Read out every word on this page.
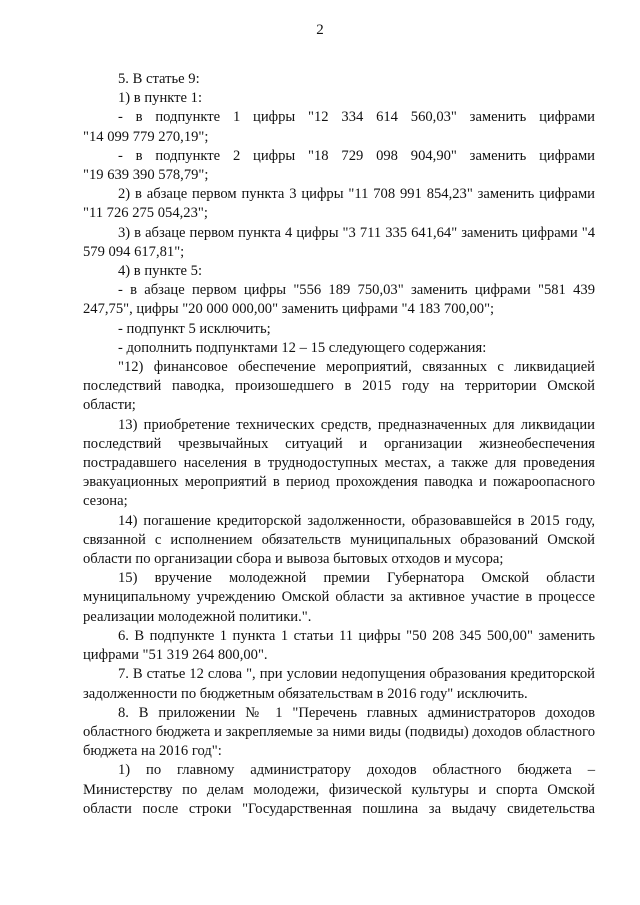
2

5. В статье 9:

1) в пункте 1:

- в подпункте 1 цифры "12 334 614 560,03" заменить цифрами

"14 099 779 270,19";

- в подпункте 2 цифры "18 729 098 904,90" заменить цифрами

"19 639 390 578,79";

2) в абзаце первом пункта 3 цифры "11 708 991 854,23" заменить цифрами "11 726 275 054,23";

3) в абзаце первом пункта 4 цифры "3 711 335 641,64" заменить цифрами "4 579 094 617,81";

4) в пункте 5:

- в абзаце первом цифры "556 189 750,03" заменить цифрами "581 439 247,75", цифры "20 000 000,00" заменить цифрами "4 183 700,00";

- подпункт 5 исключить;

- дополнить подпунктами 12 – 15 следующего содержания:

"12) финансовое обеспечение мероприятий, связанных с ликвидацией последствий паводка, произошедшего в 2015 году на территории Омской области;

13) приобретение технических средств, предназначенных для ликвидации последствий чрезвычайных ситуаций и организации жизнеобеспечения пострадавшего населения в труднодоступных местах, а также для проведения эвакуационных мероприятий в период прохождения паводка и пожароопасного сезона;

14) погашение кредиторской задолженности, образовавшейся в 2015 году, связанной с исполнением обязательств муниципальных образований Омской области по организации сбора и вывоза бытовых отходов и мусора;

15) вручение молодежной премии Губернатора Омской области муниципальному учреждению Омской области за активное участие в процессе реализации молодежной политики.".

6. В подпункте 1 пункта 1 статьи 11 цифры "50 208 345 500,00" заменить цифрами "51 319 264 800,00".

7. В статье 12 слова ", при условии недопущения образования кредиторской задолженности по бюджетным обязательствам в 2016 году" исключить.

8. В приложении № 1 "Перечень главных администраторов доходов областного бюджета и закрепляемые за ними виды (подвиды) доходов областного бюджета на 2016 год":

1) по главному администратору доходов областного бюджета – Министерству по делам молодежи, физической культуры и спорта Омской области после строки "Государственная пошлина за выдачу свидетельства
